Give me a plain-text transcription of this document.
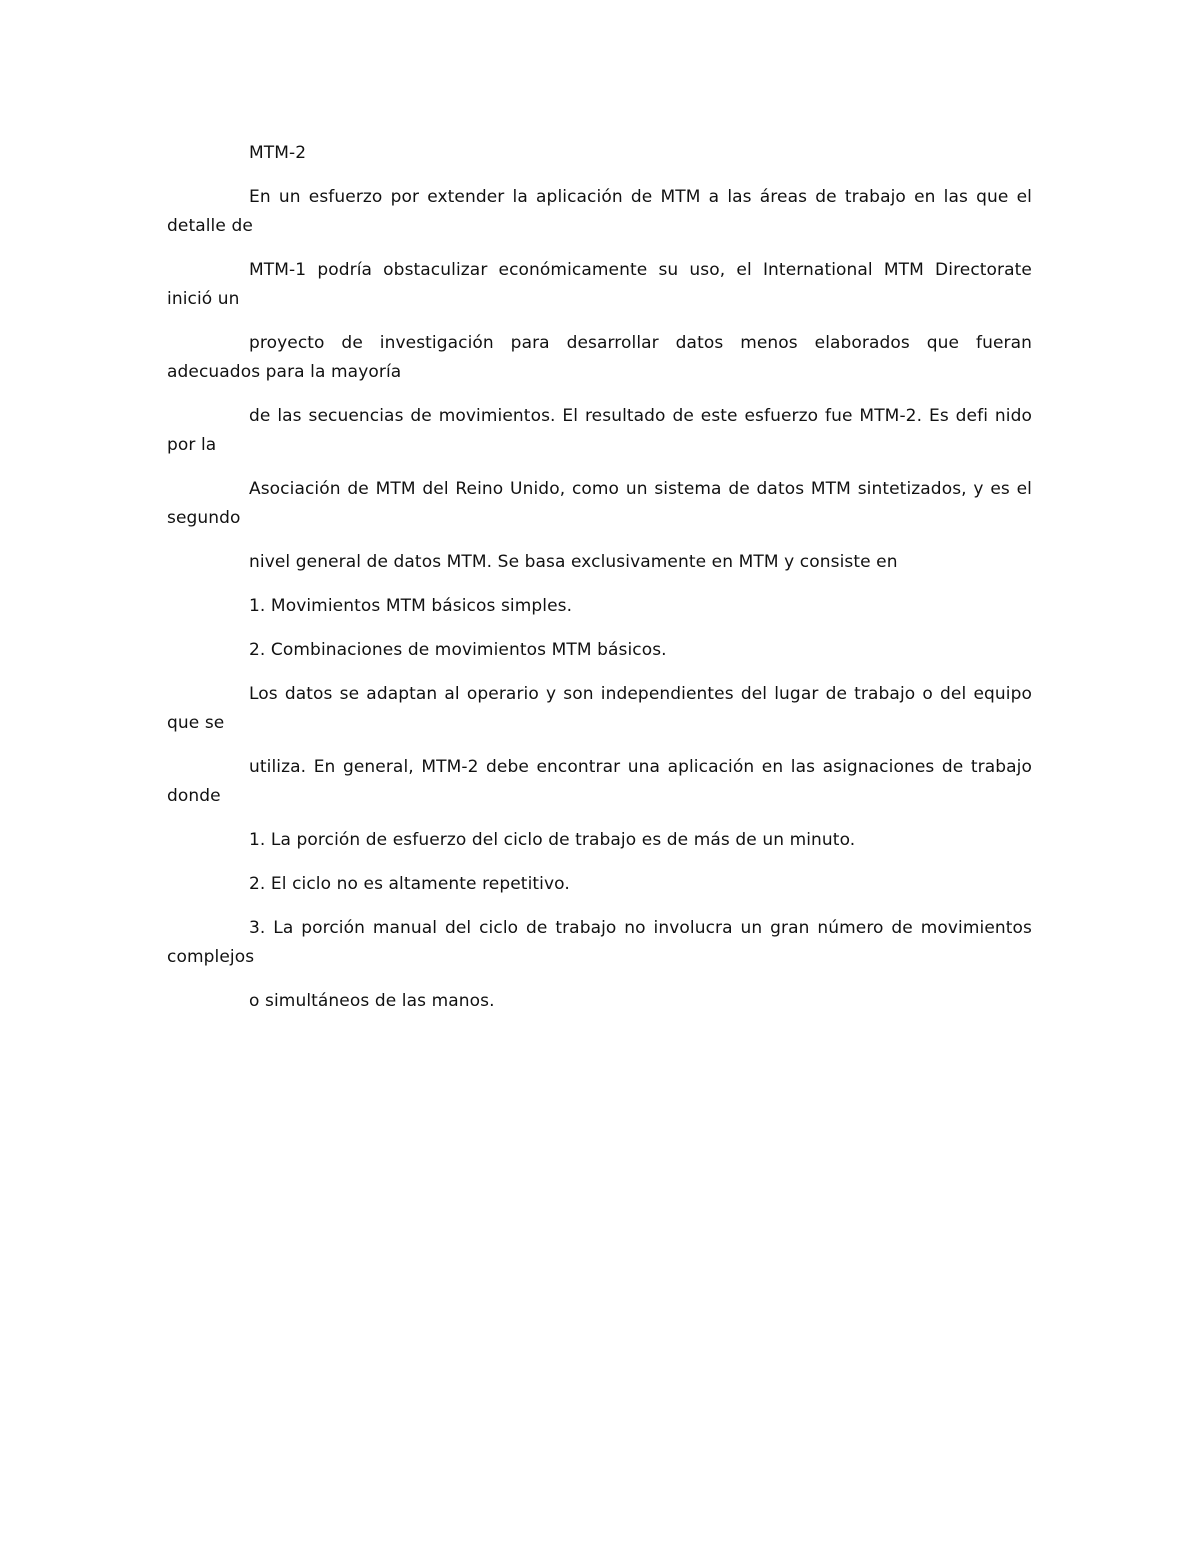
MTM-2
En un esfuerzo por extender la aplicación de MTM a las áreas de trabajo en las que el
detalle de
MTM-1 podría obstaculizar económicamente su uso, el International MTM Directorate
inició un
proyecto de investigación para desarrollar datos menos elaborados que fueran
adecuados para la mayoría
de las secuencias de movimientos. El resultado de este esfuerzo fue MTM-2. Es defi nido
por la
Asociación de MTM del Reino Unido, como un sistema de datos MTM sintetizados, y es el
segundo
nivel general de datos MTM. Se basa exclusivamente en MTM y consiste en
1. Movimientos MTM básicos simples.
2. Combinaciones de movimientos MTM básicos.
Los datos se adaptan al operario y son independientes del lugar de trabajo o del equipo
que se
utiliza. En general, MTM-2 debe encontrar una aplicación en las asignaciones de trabajo
donde
1. La porción de esfuerzo del ciclo de trabajo es de más de un minuto.
2. El ciclo no es altamente repetitivo.
3. La porción manual del ciclo de trabajo no involucra un gran número de movimientos
complejos
o simultáneos de las manos.
